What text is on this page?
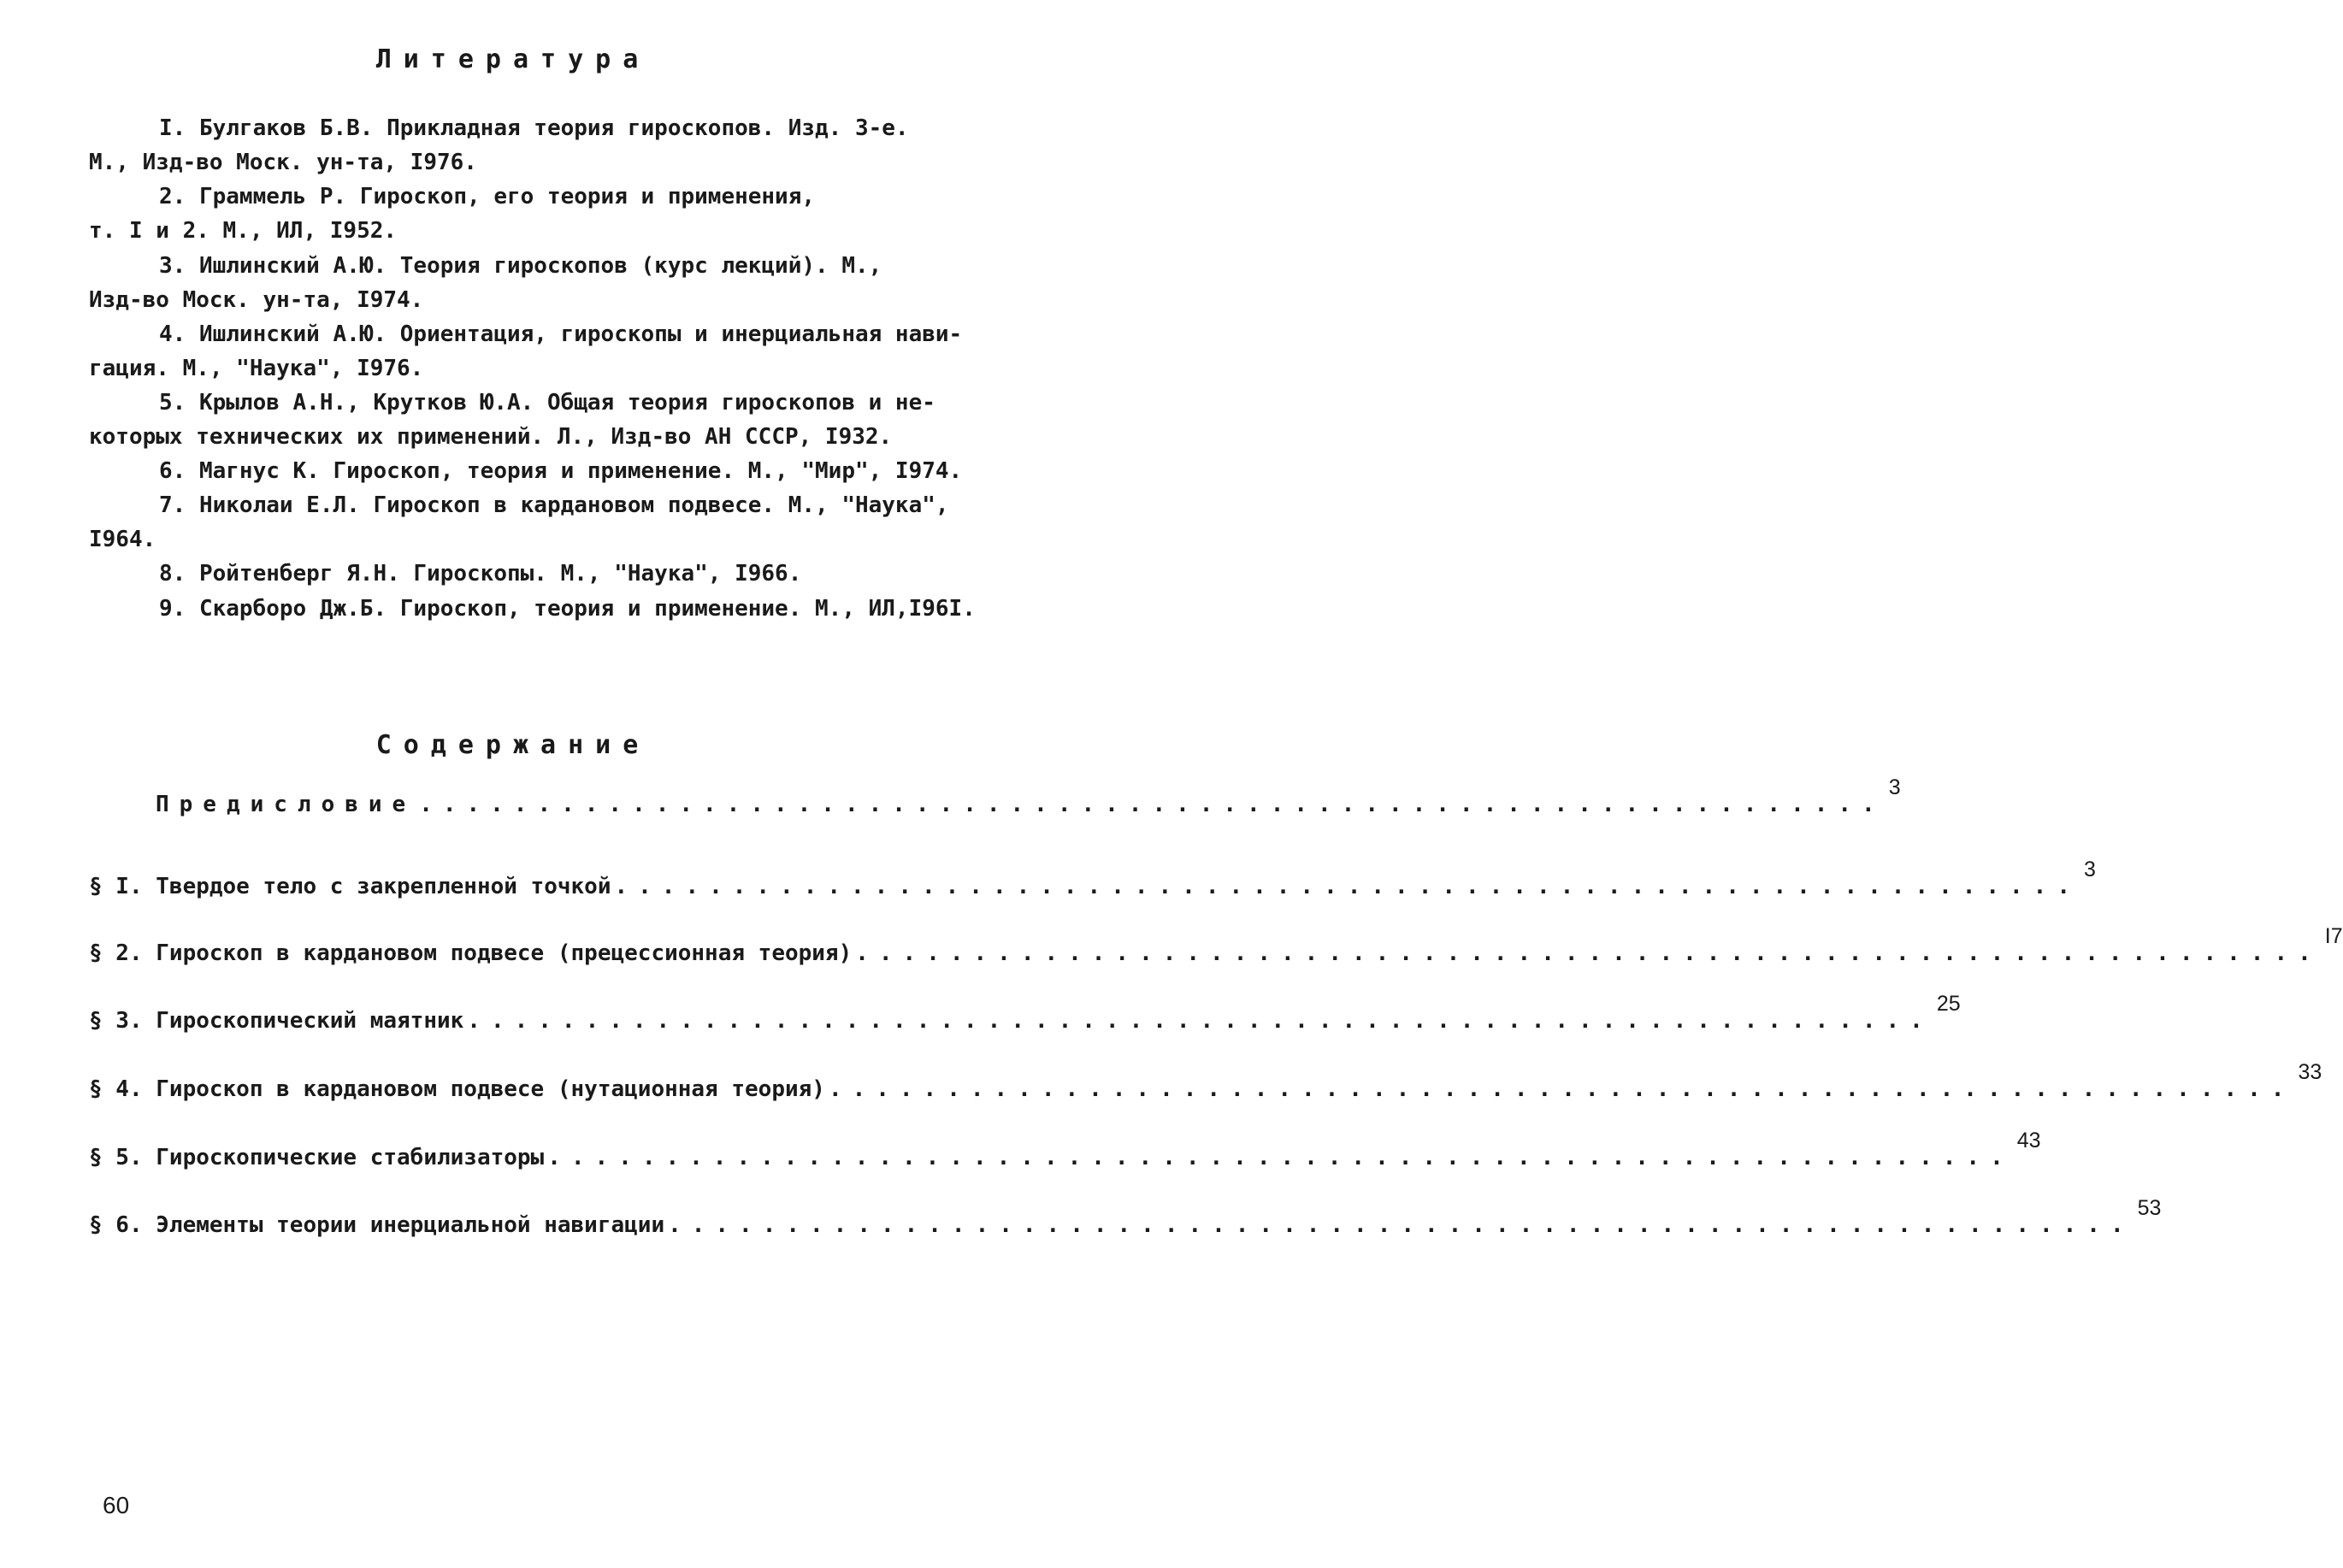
Литература
I. Булгаков Б.В. Прикладная теория гироскопов. Изд. 3-е.
М., Изд-во Моск. ун-та, I976.
2. Граммель Р. Гироскоп, его теория и применения,
т. I и 2. М., ИЛ, I952.
3. Ишлинский А.Ю. Теория гироскопов (курс лекций). М.,
Изд-во Моск. ун-та, I974.
4. Ишлинский А.Ю. Ориентация, гироскопы и инерциальная нави-
гация. М., "Наука", I976.
5. Крылов А.Н., Крутков Ю.А. Общая теория гироскопов и не-
которых технических их применений. Л., Изд-во АН СССР, I932.
6. Магнус К. Гироскоп, теория и применение. М., "Мир", I974.
7. Николаи Е.Л. Гироскоп в кардановом подвесе. М., "Наука",
I964.
8. Ройтенберг Я.Н. Гироскопы. М., "Наука", I966.
9. Скарборо Дж.Б. Гироскоп, теория и применение. М., ИЛ,I96I.
Содержание
Предисловие ..............................................................
3
§ I. Твердое тело с закрепленной точкой ..............................................................
3
§ 2. Гироскоп в кардановом подвесе (прецессионная теория) ..............................................................
I7
§ 3. Гироскопический маятник ..............................................................
25
§ 4. Гироскоп в кардановом подвесе (нутационная теория) ..............................................................
33
§ 5. Гироскопические стабилизаторы ..............................................................
43
§ 6. Элементы теории инерциальной навигации ..............................................................
53
60
